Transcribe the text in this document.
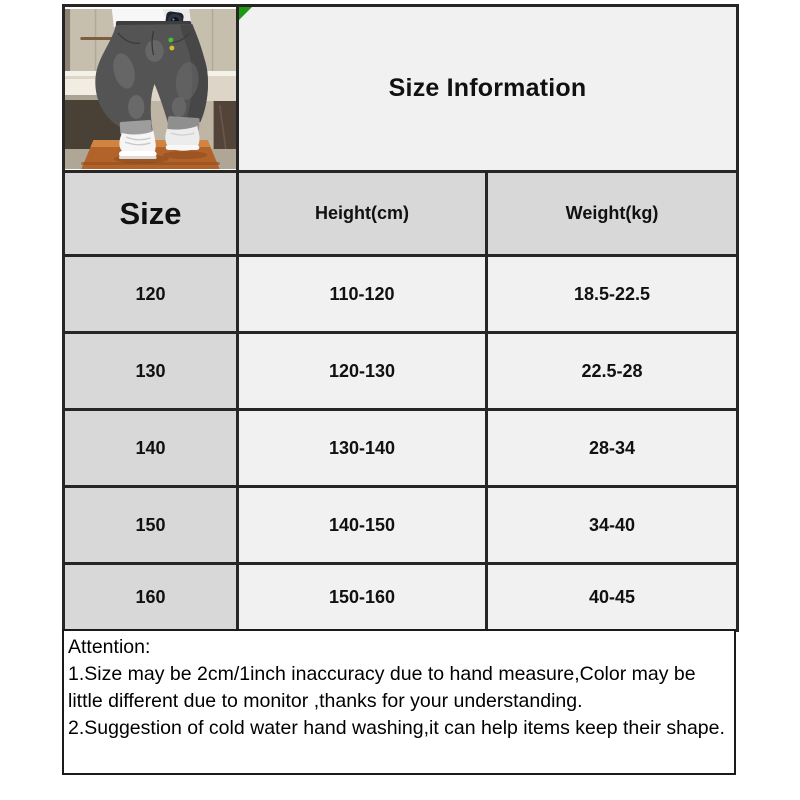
Size Information	
Size	Height(cm)	Weight(kg)
120	110-120	18.5-22.5
130	120-130	22.5-28
140	130-140	28-34
150	140-150	34-40
160	150-160	40-45

Attention:

1.Size may be 2cm/1inch inaccuracy due to hand measure,Color may be little different due to monitor ,thanks for your understanding.

2.Suggestion of cold water hand washing,it can help items keep their shape.
